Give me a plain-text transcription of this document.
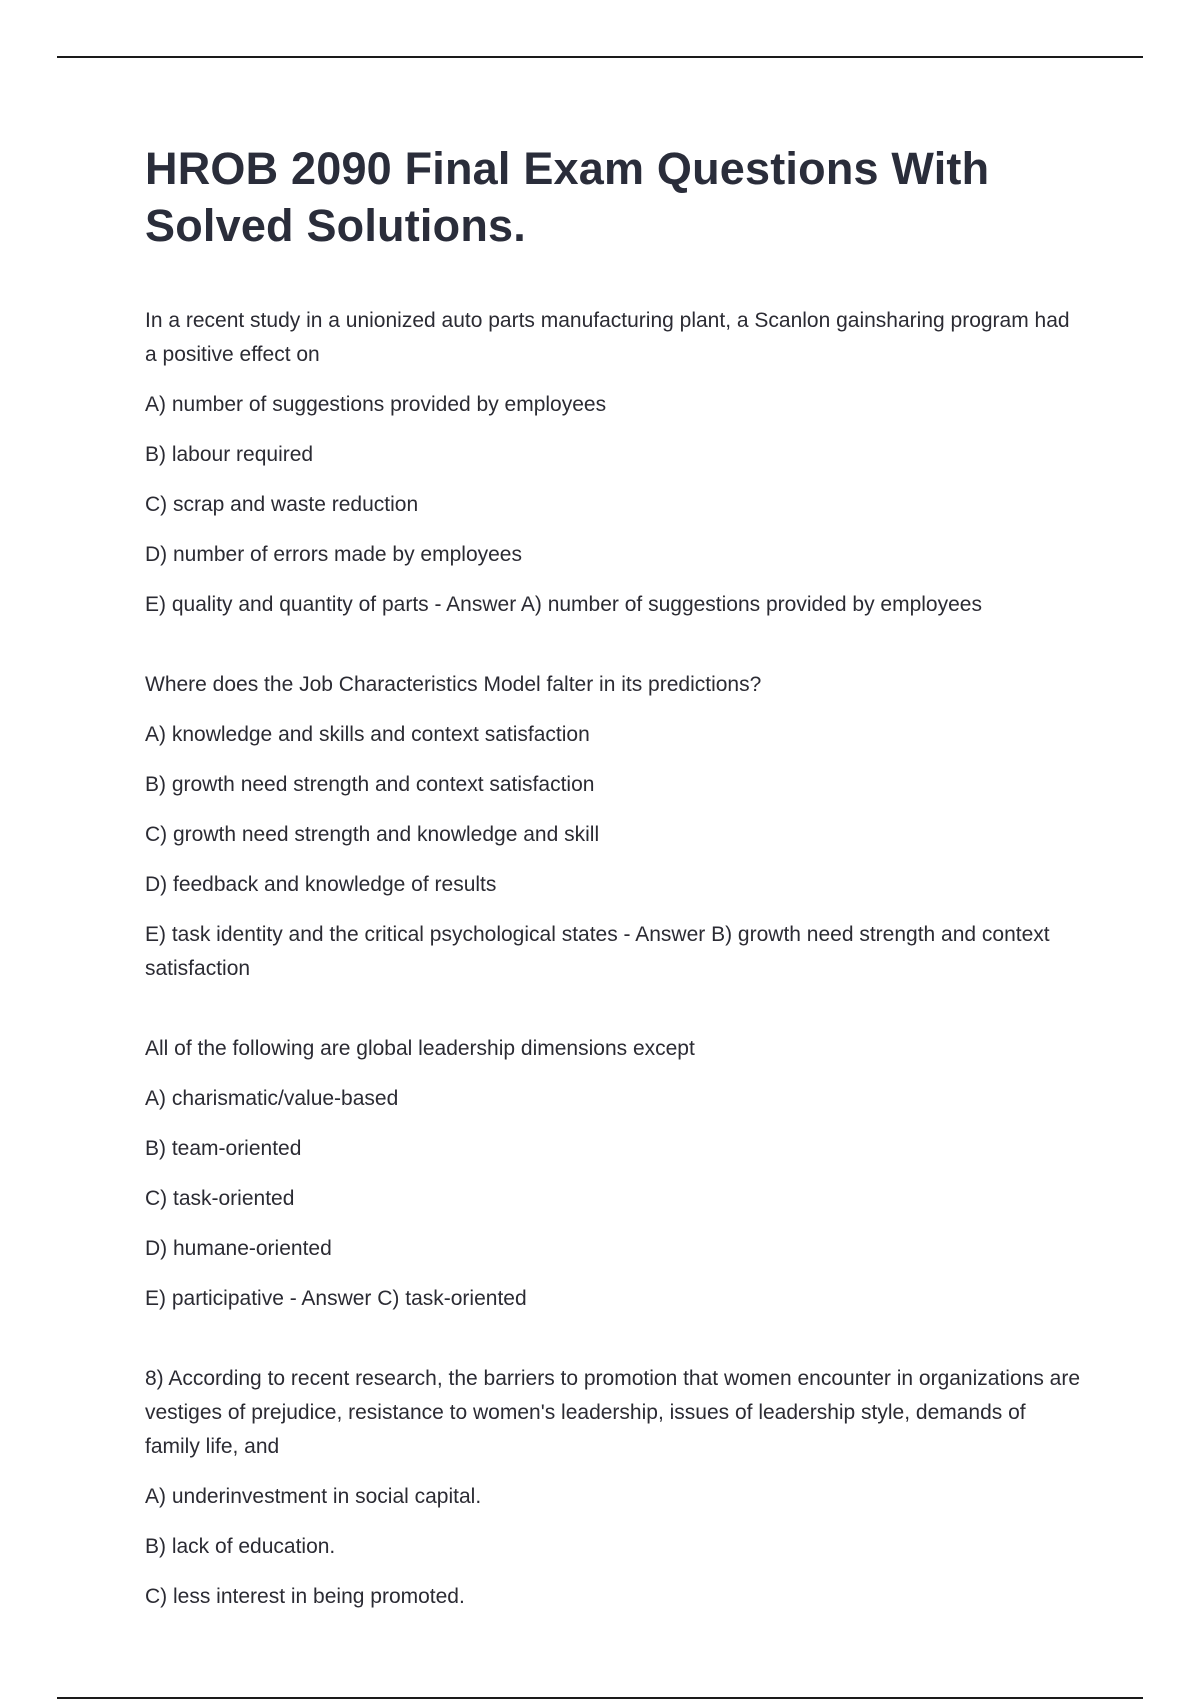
HROB 2090 Final Exam Questions With Solved Solutions.

In a recent study in a unionized auto parts manufacturing plant, a Scanlon gainsharing program had a positive effect on

A) number of suggestions provided by employees

B) labour required

C) scrap and waste reduction

D) number of errors made by employees

E) quality and quantity of parts - Answer A) number of suggestions provided by employees

Where does the Job Characteristics Model falter in its predictions?

A) knowledge and skills and context satisfaction

B) growth need strength and context satisfaction

C) growth need strength and knowledge and skill

D) feedback and knowledge of results

E) task identity and the critical psychological states - Answer B) growth need strength and context satisfaction

All of the following are global leadership dimensions except

A) charismatic/value-based

B) team-oriented

C) task-oriented

D) humane-oriented

E) participative - Answer C) task-oriented

8) According to recent research, the barriers to promotion that women encounter in organizations are vestiges of prejudice, resistance to women's leadership, issues of leadership style, demands of family life, and

A) underinvestment in social capital.

B) lack of education.

C) less interest in being promoted.
